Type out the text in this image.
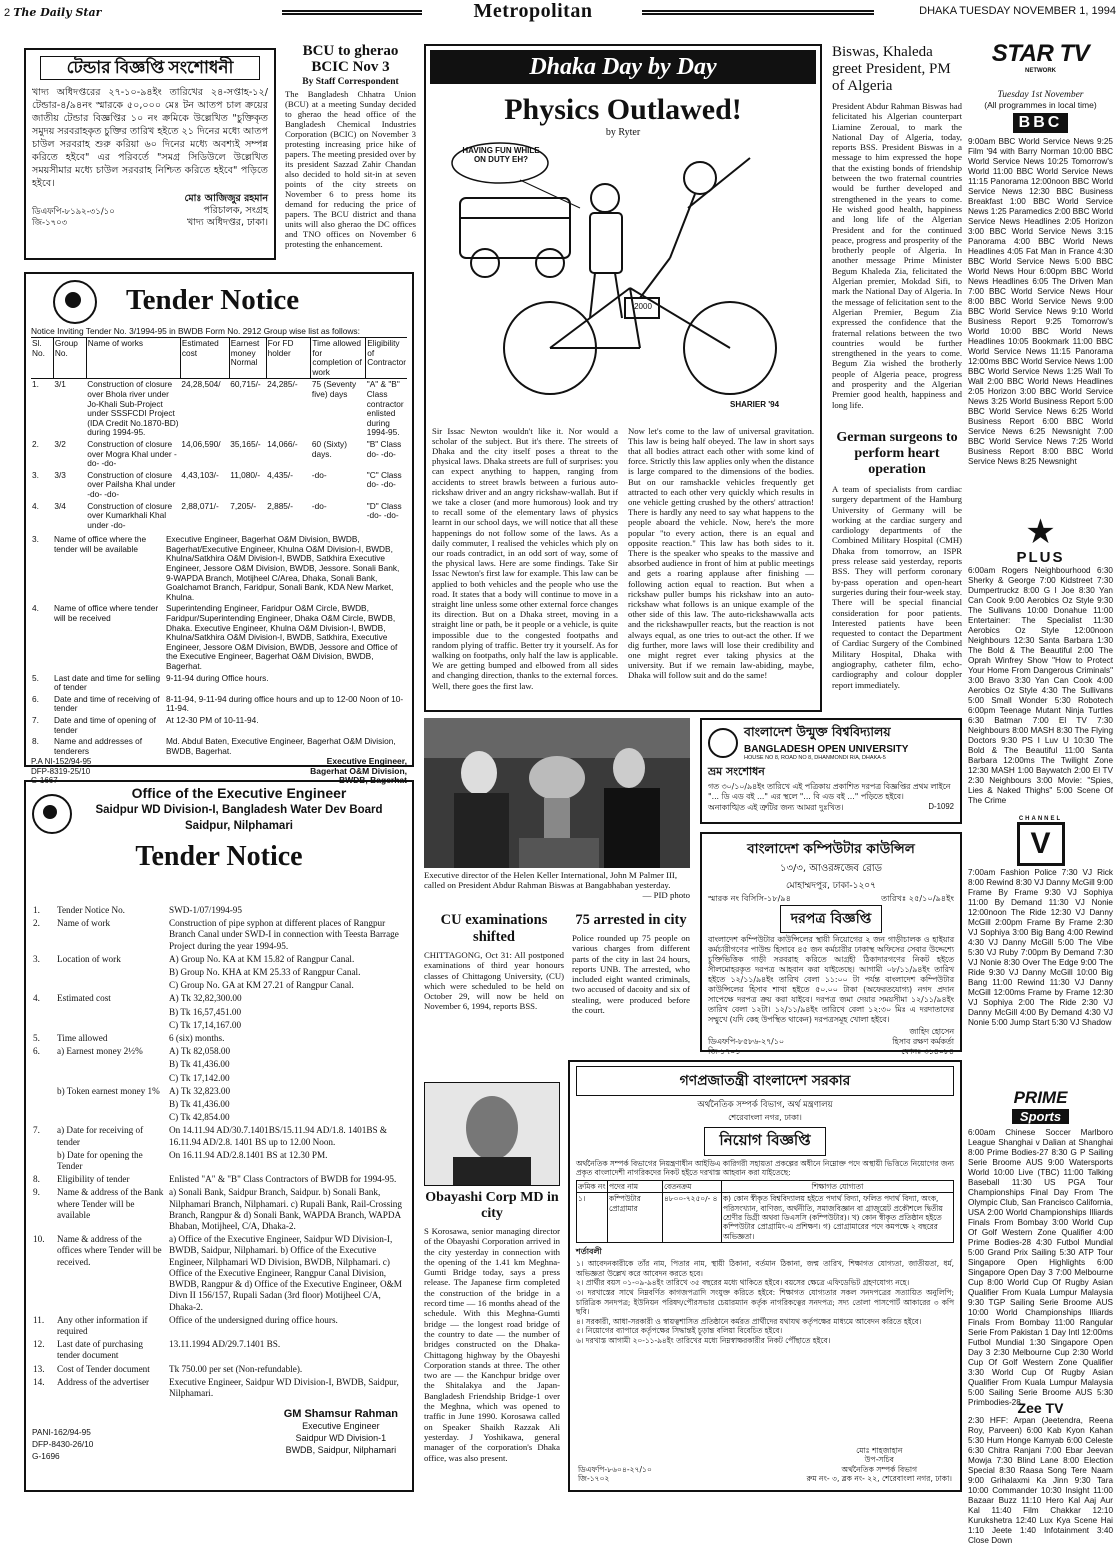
2 The Daily Star	Metropolitan	DHAKA TUESDAY NOVEMBER 1, 1994
টেন্ডার বিজ্ঞপ্তি সংশোধনী
খাদ্য অধিদপ্তরের ২৭-১০-৯৪ইং তারিখের ২৪-সপ্তাহ-১২/টেন্ডার-৪/৯৪নং স্মারকে ৫০,০০০ মেঃ টন আতপ চাল ক্রয়ের জাতীয় টেন্ডার বিজ্ঞপ্তির ১০ নং ক্রমিকে উল্লেখিত "চুক্তিকৃত সমুদয় সরবরাহকৃত চুক্তির তারিখ হইতে ২১ দিনের মধ্যে আতপ চাউল সরবরাহ শুরু করিয়া ৬০ দিনের মধ্যে অবশ্যই সম্পন্ন করিতে হইবে" এর পরিবর্তে "সমগ্র সিডিউলে উল্লেখিত সময়সীমার মধ্যে চাউল সরবরাহ নিশ্চিত করিতে হইবে" পড়িতে হইবে।
মোঃ আজিজুর রহমান
পরিচালক, সংগ্রহ
খাদ্য অধিদপ্তর, ঢাকা।
ডিএফপি-৮১৯২-৩১/১০
জি-১৭০৩
Tender Notice
Notice Inviting Tender No. 3/1994-95 in BWDB Form No. 2912 Group wise list as follows:
Sl. No.	Group No.	Name of works	Estimated cost	Earnest money Normal	For FD holder	Time allowed for completion of work	Eligibility of Contractor
1.	3/1	Construction of closure over Bhola river under Jo-Khali Sub-Project under SSSFCDI Project (IDA Credit No.1870-BD) during 1994-95.	24,28,504/	60,715/-	24,285/-	75 (Seventy five) days	"A" & "B" Class contractor enlisted during 1994-95.
2.	3/2	Construction of closure over Mogra Khal under -do- -do-	14,06,590/	35,165/-	14,066/-	60 (Sixty) days.	"B" Class do- -do-
3.	3/3	Construction of closure over Pailsha Khal under -do- -do-	4,43,103/-	11,080/-	4,435/-	-do-	"C" Class do- -do-
4.	3/4	Construction of closure over Kumarkhali Khal under -do-	2,88,071/-	7,205/-	2,885/-	-do-	"D" Class -do- -do-
3.	Name of office where the tender will be available	Executive Engineer, Bagerhat O&M Division, BWDB, Bagerhat/Executive Engineer, Khulna O&M Division-I, BWDB, Khulna/Satkhira O&M Division-I, BWDB, Satkhira Executive Engineer, Jessore O&M Division, BWDB, Jessore. Sonali Bank, 9-WAPDA Branch, Motijheel C/Area, Dhaka, Sonali Bank, Goalchamot Branch, Faridpur, Sonali Bank, KDA New Market, Khulna.
4.	Name of office where tender will be received	Superintending Engineer, Faridpur O&M Circle, BWDB, Faridpur/Superintending Engineer, Dhaka O&M Circle, BWDB, Dhaka. Executive Engineer, Khulna O&M Division-I, BWDB, Khulna/Satkhira O&M Division-I, BWDB, Satkhira, Executive Engineer, Jessore O&M Division, BWDB, Jessore and Office of the Executive Engineer, Bagerhat O&M Division, BWDB, Bagerhat.
5.	Last date and time for selling of tender	9-11-94 during Office hours.
6.	Date and time of receiving of tender	8-11-94, 9-11-94 during office hours and up to 12-00 Noon of 10-11-94.
7.	Date and time of opening of tender	At 12-30 PM of 10-11-94.
8.	Name and addresses of tenderers	Md. Abdul Baten, Executive Engineer, Bagerhat O&M Division, BWDB, Bagerhat.
P.A NI-152/94-95
DFP-8319-25/10
G-1667
Executive Engineer,
Bagerhat O&M Division,
BWDB, Bagerhat
Office of the Executive Engineer
Saidpur WD Division-I, Bangladesh Water Dev Board
Saidpur, Nilphamari
Tender Notice
1.	Tender Notice No.	SWD-1/07/1994-95
2.	Name of work	Construction of pipe syphon at different places of Rangpur Branch Canal under SWD-I in connection with Teesta Barrage Project during the year 1994-95.
3.	Location of work	A) Group No. KA at KM 15.82 of Rangpur Canal.
		B) Group No. KHA at KM 25.33 of Rangpur Canal.
		C) Group No. GA at KM 27.21 of Rangpur Canal.
4.	Estimated cost	A) Tk 32,82,300.00
		B) Tk 16,57,451.00
		C) Tk 17,14,167.00
5.	Time allowed	6 (six) months.
6.	a) Earnest money 2½%	A) Tk 82,058.00
		B) Tk 41,436.00
		C) Tk 17,142.00
	b) Token earnest money 1%	A) Tk 32,823.00
		B) Tk 41,436.00
		C) Tk 42,854.00
7.	a) Date for receiving of tender	On 14.11.94 AD/30.7.1401BS/15.11.94 AD/1.8. 1401BS & 16.11.94 AD/2.8. 1401 BS up to 12.00 Noon.
	b) Date for opening the Tender	On 16.11.94 AD/2.8.1401 BS at 12.30 PM.
8.	Eligibility of tender	Enlisted "A" & "B" Class Contractors of BWDB for 1994-95.
9.	Name & address of the Bank where Tender will be available	a) Sonali Bank, Saidpur Branch, Saidpur. b) Sonali Bank, Nilphamari Branch, Nilphamari. c) Rupali Bank, Rail-Crossing Branch, Rangpur & d) Sonali Bank, WAPDA Branch, WAPDA Bhaban, Motijheel, C/A, Dhaka-2.
10.	Name & address of the offices where Tender will be received.	a) Office of the Executive Engineer, Saidpur WD Division-I, BWDB, Saidpur, Nilphamari. b) Office of the Executive Engineer, Nilphamari WD Division, BWDB, Nilphamari. c) Office of the Executive Engineer, Rangpur Canal Division, BWDB, Rangpur & d) Office of the Executive Engineer, O&M Divn II 156/157, Rupali Sadan (3rd floor) Motijheel C/A, Dhaka-2.
11.	Any other information if required	Office of the undersigned during office hours.
12.	Last date of purchasing tender document	13.11.1994 AD/29.7.1401 BS.
13.	Cost of Tender document	Tk 750.00 per set (Non-refundable).
14.	Address of the advertiser	Executive Engineer, Saidpur WD Division-I, BWDB, Saidpur, Nilphamari.
PANI-162/94-95
DFP-8430-26/10
G-1696
GM Shamsur Rahman
Executive Engineer
Saidpur WD Division-1
BWDB, Saidpur, Nilphamari
BCU to gherao BCIC Nov 3
By Staff Correspondent
The Bangladesh Chhatra Union (BCU) at a meeting Sunday decided to gherao the head office of the Bangladesh Chemical Industries Corporation (BCIC) on November 3 protesting increasing price hike of papers. The meeting presided over by its president Sazzad Zahir Chandan also decided to hold sit-in at seven points of the city streets on November 6 to press home its demand for reducing the price of papers. The BCU district and thana units will also gherao the DC offices and TNO offices on November 6 protesting the enhancement.
Dhaka Day by Day
Physics Outlawed!
by Ryter
HAVING FUN WHILE ON DUTY EH?
2000
SHARIER '94
Sir Issac Newton wouldn't like it. Nor would a scholar of the subject. But it's there. The streets of Dhaka and the city itself poses a threat to the physical laws. Dhaka streets are full of surprises: you can expect anything to happen, ranging from accidents to street brawls between a furious auto-rickshaw driver and an angry rickshaw-wallah. But if we take a closer (and more humorous) look and try to recall some of the elementary laws of physics learnt in our school days, we will notice that all these happenings do not follow some of the laws. As a daily commuter, I realised the vehicles which ply on our roads contradict, in an odd sort of way, some of the physical laws. Here are some findings. Take Sir Issac Newton's first law for example. This law can be applied to both vehicles and the people who use the road. It states that a body will continue to move in a straight line unless some other external force changes its direction. But on a Dhaka street, moving in a straight line or path, be it people or a vehicle, is quite impossible due to the congested footpaths and random plying of traffic. Better try it yourself. As for walking on footpaths, only half the law is applicable. We are getting bumped and elbowed from all sides and changing direction, thanks to the external forces. Well, there goes the first law.
Now let's come to the law of universal gravitation. This law is being half obeyed. The law in short says that all bodies attract each other with some kind of force. Strictly this law applies only when the distance is large compared to the dimensions of the bodies. But on our ramshackle vehicles frequently get attracted to each other very quickly which results in one vehicle getting crushed by the others' attraction! There is hardly any need to say what happens to the people aboard the vehicle. Now, here's the more popular "to every action, there is an equal and opposite reaction." This law has both sides to it. There is the speaker who speaks to the massive and absorbed audience in front of him at public meetings and gets a roaring applause after finishing — following action equal to reaction. But when a rickshaw puller bumps his rickshaw into an auto-rickshaw what follows is an unique example of the other side of this law. The auto-rickshawwalla acts and the rickshawpuller reacts, but the reaction is not always equal, as one tries to out-act the other. If we dig further, more laws will lose their credibility and one might regret ever taking physics at the university. But if we remain law-abiding, maybe, Dhaka will follow suit and do the same!
Biswas, Khaleda greet President, PM of Algeria
President Abdur Rahman Biswas had felicitated his Algerian counterpart Liamine Zeroual, to mark the National Day of Algeria, today, reports BSS. President Biswas in a message to him expressed the hope that the existing bonds of friendship between the two fraternal countries would be further developed and strengthened in the years to come. He wished good health, happiness and long life of the Algerian President and for the continued peace, progress and prosperity of the brotherly people of Algeria. In another message Prime Minister Begum Khaleda Zia, felicitated the Algerian premier, Mokdad Sifi, to mark the National Day of Algeria. In the message of felicitation sent to the Algerian Premier, Begum Zia expressed the confidence that the fraternal relations between the two countries would be further strengthened in the years to come. Begum Zia wished the brotherly people of Algeria peace, progress and prosperity and the Algerian Premier good health, happiness and long life.
German surgeons to perform heart operation
A team of specialists from cardiac surgery department of the Hamburg University of Germany will be working at the cardiac surgery and cardiology departments of the Combined Military Hospital (CMH) Dhaka from tomorrow, an ISPR press release said yesterday, reports BSS. They will perform coronary by-pass operation and open-heart surgeries during their four-week stay. There will be special financial consideration for poor patients. Interested patients have been requested to contact the Department of Cardiac Surgery of the Combined Military Hospital, Dhaka with angiography, catheter film, echo-cardiography and colour doppler report immediately.
Executive director of the Helen Keller International, John M Palmer III, called on President Abdur Rahman Biswas at Bangabhaban yesterday.
— PID photo
CU examinations shifted
CHITTAGONG, Oct 31: All postponed examinations of third year honours classes of Chittagong University, (CU) which were scheduled to be held on October 29, will now be held on November 6, 1994, reports BSS.
75 arrested in city
Police rounded up 75 people on various charges from different parts of the city in last 24 hours, reports UNB. The arrested, who included eight wanted criminals, two accused of dacoity and six of stealing, were produced before the court.
Obayashi Corp MD in city
S Korosawa, senior managing director of the Obayashi Corporation arrived in the city yesterday in connection with the opening of the 1.41 km Meghna-Gumti Bridge today, says a press release. The Japanese firm completed the construction of the bridge in a record time — 16 months ahead of the schedule. With this Meghna-Gumti bridge — the longest road bridge of the country to date — the number of bridges constructed on the Dhaka-Chittagong highway by the Obayeshi Corporation stands at three. The other two are — the Kanchpur bridge over the Shitalakya and the Japan-Bangladesh Friendship Bridge-1 over the Meghna, which was opened to traffic in June 1990. Korosawa called on Speaker Shaikh Razzak Ali yesterday. J Yoshikawa, general manager of the corporation's Dhaka office, was also present.
বাংলাদেশ উন্মুক্ত বিশ্ববিদ্যালয়
BANGLADESH OPEN UNIVERSITY
HOUSE NO 8, ROAD NO 8, DHANMONDI R/A, DHAKA-5
ভ্রম সংশোধন
গত ৩০/১০/৯৪ইং তারিখে এই পত্রিকায় প্রকাশিত দরপত্র বিজ্ঞপ্তির প্রথম লাইনে "... ডি এড বই ..." এর স্থলে "... বি এড বই ..." পড়িতে হইবে।
অনাকাঙ্খিত এই ত্রুটির জন্য আমরা দুঃখিত।	D-1092
বাংলাদেশ কম্পিউটার কাউন্সিল
১৩/৩, আওরঙ্গজেব রোড
মোহাম্মদপুর, ঢাকা-১২০৭
স্মারক নং বিসিসি-১৮/৯৪	তারিখঃ ২৫/১০/৯৪ইং
দরপত্র বিজ্ঞপ্তি
বাংলাদেশ কম্পিউটার কাউন্সিলের স্থায়ী নিয়োগের ২ জন গাড়ীচালক ও হাইয়ার কর্মচারীগণের পাউন্ড হিসাবে ৪৫ জন কর্মচারীর ঢাকাস্থ অফিসের সেবার উদ্দেশ্যে চুক্তিভিত্তিক গাড়ী সরবরাহ করিতে আগ্রহী ঠিকাদারগণের নিকট হইতে সীলমোহরকৃত দরপত্র আহবান করা যাইতেছে। আগামী ০৮/১১/৯৪ইং তারিখ হইতে ১২/১১/৯৪ইং তারিখ বেলা ১১:০০ টা পর্যন্ত বাংলাদেশ কম্পিউটার কাউন্সিলের হিসাব শাখা হইতে ৫০.০০ টাকা (অফেরতযোগ্য) নগদ প্রদান সাপেক্ষে দরপত্র ক্রয় করা যাইবে। দরপত্র জমা দেয়ার সময়সীমা ১২/১১/৯৪ইং তারিখ বেলা ১২টা। ১২/১১/৯৪ইং তারিখে বেলা ১২:৩০ মিঃ এ দরদাতাদের সম্মুখে (যদি কেহ উপস্থিত থাকেন) দরপত্রসমূহ খোলা হইবে।
ডিএফপি-৮৫৮৬-২৭/১০
জি-১৭০১
জাহিদ হোসেন
হিসাব রক্ষণ কর্মকর্তা
ফোনঃ ৩১৪০৮৪
গণপ্রজাতন্ত্রী বাংলাদেশ সরকার
অর্থনৈতিক সম্পর্ক বিভাগ, অর্থ মন্ত্রণালয়
শেরেবাংলা নগর, ঢাকা।
নিয়োগ বিজ্ঞপ্তি
অর্থনৈতিক সম্পর্ক বিভাগের নিয়ন্ত্রণাধীন আইডিএ কারিগরী সহায়তা প্রকল্পের অধীনে নিম্নোক্ত পদে অস্থায়ী ভিত্তিতে নিয়োগের জন্য প্রকৃত বাংলাদেশী নাগরিকদের নিকট হইতে দরখাস্ত আহবান করা যাইতেছে:
ক্রমিক নং	পদের নাম	বেতনক্রম	শিক্ষাগত যোগ্যতা
১।	কম্পিউটার প্রোগ্রামার	৪৮০০-৭২৫০/- ৪	ক) কোন স্বীকৃত বিশ্ববিদ্যালয় হইতে পদার্থ বিদ্যা, ফলিত পদার্থ বিদ্যা, অংক, পরিসংখ্যান, বাণিজ্য, অর্থনীতি, সমাজবিজ্ঞান বা গ্রাজুয়েট প্রকৌশলে দ্বিতীয় শ্রেণীর ডিগ্রী অথবা ডিএসসি (কম্পিউটার)। খ) কোন স্বীকৃত প্রতিষ্ঠান হইতে কম্পিউটার প্রোগ্রামিং-এ প্রশিক্ষণ। গ) প্রোগ্রামারের পদে কমপক্ষে ২ বছরের অভিজ্ঞতা।
শর্তাবলী
১। আবেদনকারীকে তাঁর নাম, পিতার নাম, স্থায়ী ঠিকানা, বর্তমান ঠিকানা, জন্ম তারিখ, শিক্ষাগত যোগ্যতা, জাতীয়তা, ধর্ম, অভিজ্ঞতা উল্লেখ করে আবেদন করতে হবে।
২। প্রার্থীর বয়স ০১-০৯-৯৪ইং তারিখে ৩৫ বছরের মধ্যে থাকিতে হইবে। বয়সের ক্ষেত্রে এফিডেভিট গ্রহণযোগ্য নহে।
৩। দরখাস্তের সাথে নিম্নবর্ণিত কাগজপত্রাদি সংযুক্ত করিতে হইবে: শিক্ষাগত যোগ্যতার সকল সনদপত্রের সত্যায়িত অনুলিপি; চারিত্রিক সনদপত্র; ইউনিয়ন পরিষদ/পৌরসভার চেয়ারম্যান কর্তৃক নাগরিকত্বের সনদপত্র; সদ্য তোলা পাসপোর্ট আকারের ৩ কপি ছবি।
৪। সরকারী, আধা-সরকারী ও স্বায়ত্বশাসিত প্রতিষ্ঠানে কর্মরত প্রার্থীদের যথাযথ কর্তৃপক্ষের মাধ্যমে আবেদন করিতে হইবে।
৫। নিয়োগের ব্যাপারে কর্তৃপক্ষের সিদ্ধান্তই চূড়ান্ত বলিয়া বিবেচিত হইবে।
৬। দরখাস্ত আগামী ২০-১১-৯৪ইং তারিখের মধ্যে নিম্নস্বাক্ষরকারীর নিকট পৌঁছাতে হইবে।
মোঃ শাহজাহান
উপ-সচিব
অর্থনৈতিক সম্পর্ক বিভাগ
রুম নং- ৩, ব্লক নং- ২২, শেরেবাংলা নগর, ঢাকা।
ডিএফপি-৮৬০৪-২৭/১০
জি-১৭০২
STAR TV
NETWORK
Tuesday 1st November
(All programmes in local time)
BBC
9:00am BBC World Service News 9:25 Film '94 with Barry Norman 10:00 BBC World Service News 10:25 Tomorrow's World 11:00 BBC World Service News 11:15 Panorama 12:00noon BBC World Service News 12:30 BBC Business Breakfast 1:00 BBC World Service News 1:25 Paramedics 2:00 BBC World Service News Headlines 2:05 Horizon 3:00 BBC World Service News 3:15 Panorama 4:00 BBC World News Headlines 4:05 Fat Man in France 4:30 BBC World Service News 5:00 BBC World News Hour 6:00pm BBC World News Headlines 6:05 The Driven Man 7:00 BBC World Service News Hour 8:00 BBC World Service News 9:00 BBC World Service News 9:10 World Business Report 9:25 Tomorrow's World 10:00 BBC World News Headlines 10:05 Bookmark 11:00 BBC World Service News 11:15 Panorama 12:00ms BBC World Service News 1:00 BBC World Service News 1:25 Wall To Wall 2:00 BBC World News Headlines 2:05 Horizon 3:00 BBC World Service News 3:25 World Business Report 5:00 BBC World Service News 6:25 World Business Report 6:00 BBC World Service News 6:25 Newsnight 7:00 BBC World Service News 7:25 World Business Report 8:00 BBC World Service News 8:25 Newsnight
★
PLUS
6:00am Rogers Neighbourhood 6:30 Sherky & George 7:00 Kidstreet 7:30 Dumpertruckz 8:00 G I Joe 8:30 Yan Can Cook 9:00 Aerobics Oz Style 9:30 The Sullivans 10:00 Donahue 11:00 Entertainer: The Specialist 11:30 Aerobics Oz Style 12:00noon Neighbours 12:30 Santa Barbara 1:30 The Bold & The Beautiful 2:00 The Oprah Winfrey Show "How to Protect Your Home From Dangerous Criminals" 3:00 Bravo 3:30 Yan Can Cook 4:00 Aerobics Oz Style 4:30 The Sullivans 5:00 Small Wonder 5:30 Robotech 6:00pm Teenage Mutant Ninja Turtles 6:30 Batman 7:00 El TV 7:30 Neighbours 8:00 MASH 8:30 The Flying Doctors 9:30 PS I Luv U 10:30 The Bold & The Beautiful 11:00 Santa Barbara 12:00ms The Twilight Zone 12:30 MASH 1:00 Baywatch 2:00 El TV 2:30 Neighbours 3:00 Movie: "Spies, Lies & Naked Thighs" 5:00 Scene Of The Crime
CHANNEL
V
7:00am Fashion Police 7:30 VJ Rick 8:00 Rewind 8:30 VJ Danny McGill 9:00 Frame By Frame 9:30 VJ Sophiya 11:00 By Demand 11:30 VJ Nonie 12:00noon The Ride 12:30 VJ Danny McGill 2:00pm Frame By Frame 2:30 VJ Sophiya 3:00 Big Bang 4:00 Rewind 4:30 VJ Danny McGill 5:00 The Vibe 5:30 VJ Ruby 7:00pm By Demand 7:30 VJ Nonie 8:30 Over The Edge 9:00 The Ride 9:30 VJ Danny McGill 10:00 Big Bang 11:00 Rewind 11:30 VJ Danny McGill 12:00ms Frame by Frame 12:30 VJ Sophiya 2:00 The Ride 2:30 VJ Danny McGill 4:00 By Demand 4:30 VJ Nonie 5:00 Jump Start 5:30 VJ Shadow
PRIME
Sports
6:00am Chinese Soccer Marlboro League Shanghai v Dalian at Shanghai 8:00 Prime Bodies-27 8:30 G P Sailing Serie Broome AUS 9:00 Watersports World 10:00 Live (TBC) 11:00 Talking Baseball 11:30 US PGA Tour Championships Final Day From The Olympic Club, San Francisco California, USA 2:00 World Championships Illiards Finals From Bombay 3:00 World Cup Of Golf Western Zone Qualifier 4:00 Prime Bodies-28 4:30 Futbol Mundial 5:00 Grand Prix Sailing 5:30 ATP Tour Singapore Open Highlights 6:00 Singapore Open Day 3 7:00 Melbourne Cup 8:00 World Cup Of Rugby Asian Qualifier From Kuala Lumpur Malaysia 9:30 TGP Sailing Serie Broome AUS 10:00 World Championships Illiards Finals From Bombay 11:00 Rangular Serie From Pakistan 1 Day Intl 12:00ms Futbol Mundial 1:30 Singapore Open Day 3 2:30 Melbourne Cup 2:30 World Cup Of Golf Western Zone Qualifier 3:30 World Cup Of Rugby Asian Qualifier From Kuala Lumpur Malaysia 5:00 Sailing Serie Broome AUS 5:30 Primbodies-28
Zee TV
2:30 HFF: Arpan (Jeetendra, Reena Roy, Parveen) 6:00 Kab Kyon Kahan 5:30 Hum Honge Kamyab 6:00 Celeste 6:30 Chitra Ranjani 7:00 Ebar Jeevan Mowja 7:30 Blind Lane 8:00 Election Special 8:30 Raasa Song Tere Naam 9:00 Grihalaxmi Ka Jinn 9:30 Tara 10:00 Commander 10:30 Insight 11:00 Bazaar Buzz 11:10 Hero Kal Aaj Aur Kal 11:40 Film Chakkar 12:10 Kurukshetra 12:40 Lux Kya Scene Hai 1:10 Jeete 1:40 Infotainment 3:40 Close Down
